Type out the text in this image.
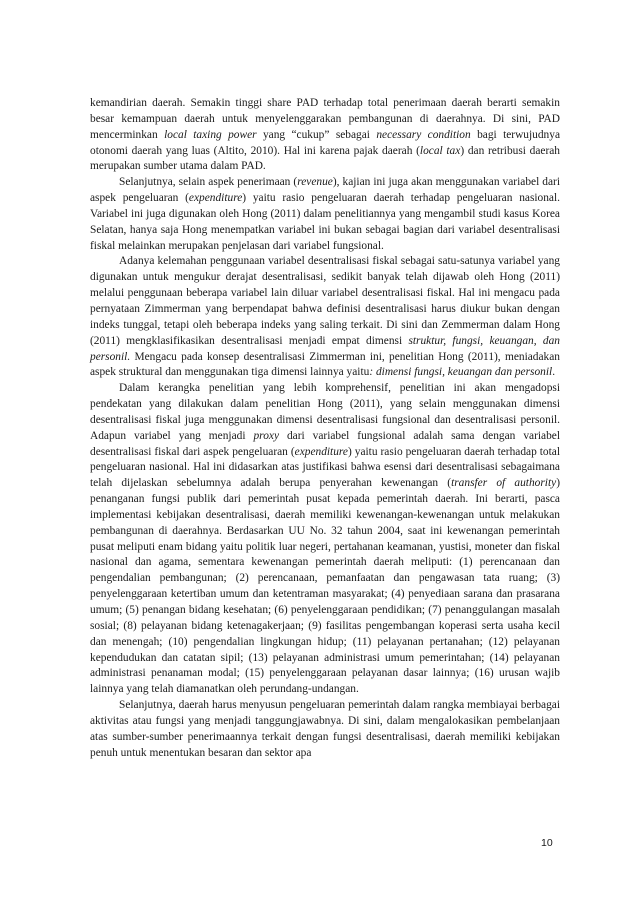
kemandirian daerah. Semakin tinggi share PAD terhadap total penerimaan daerah berarti semakin besar kemampuan daerah untuk menyelenggarakan pembangunan di daerahnya. Di sini, PAD mencerminkan local taxing power yang “cukup” sebagai necessary condition bagi terwujudnya otonomi daerah yang luas (Altito, 2010). Hal ini karena pajak daerah (local tax) dan retribusi daerah merupakan sumber utama dalam PAD.

Selanjutnya, selain aspek penerimaan (revenue), kajian ini juga akan menggunakan variabel dari aspek pengeluaran (expenditure) yaitu rasio pengeluaran daerah terhadap pengeluaran nasional. Variabel ini juga digunakan oleh Hong (2011) dalam penelitiannya yang mengambil studi kasus Korea Selatan, hanya saja Hong menempatkan variabel ini bukan sebagai bagian dari variabel desentralisasi fiskal melainkan merupakan penjelasan dari variabel fungsional.

Adanya kelemahan penggunaan variabel desentralisasi fiskal sebagai satu-satunya variabel yang digunakan untuk mengukur derajat desentralisasi, sedikit banyak telah dijawab oleh Hong (2011) melalui penggunaan beberapa variabel lain diluar variabel desentralisasi fiskal. Hal ini mengacu pada pernyataan Zimmerman yang berpendapat bahwa definisi desentralisasi harus diukur bukan dengan indeks tunggal, tetapi oleh beberapa indeks yang saling terkait. Di sini dan Zemmerman dalam Hong (2011) mengklasifikasikan desentralisasi menjadi empat dimensi struktur, fungsi, keuangan, dan personil. Mengacu pada konsep desentralisasi Zimmerman ini, penelitian Hong (2011), meniadakan aspek struktural dan menggunakan tiga dimensi lainnya yaitu: dimensi fungsi, keuangan dan personil.

Dalam kerangka penelitian yang lebih komprehensif, penelitian ini akan mengadopsi pendekatan yang dilakukan dalam penelitian Hong (2011), yang selain menggunakan dimensi desentralisasi fiskal juga menggunakan dimensi desentralisasi fungsional dan desentralisasi personil. Adapun variabel yang menjadi proxy dari variabel fungsional adalah sama dengan variabel desentralisasi fiskal dari aspek pengeluaran (expenditure) yaitu rasio pengeluaran daerah terhadap total pengeluaran nasional. Hal ini didasarkan atas justifikasi bahwa esensi dari desentralisasi sebagaimana telah dijelaskan sebelumnya adalah berupa penyerahan kewenangan (transfer of authority) penanganan fungsi publik dari pemerintah pusat kepada pemerintah daerah. Ini berarti, pasca implementasi kebijakan desentralisasi, daerah memiliki kewenangan-kewenangan untuk melakukan pembangunan di daerahnya. Berdasarkan UU No. 32 tahun 2004, saat ini kewenangan pemerintah pusat meliputi enam bidang yaitu politik luar negeri, pertahanan keamanan, yustisi, moneter dan fiskal nasional dan agama, sementara kewenangan pemerintah daerah meliputi: (1) perencanaan dan pengendalian pembangunan; (2) perencanaan, pemanfaatan dan pengawasan tata ruang; (3) penyelenggaraan ketertiban umum dan ketentraman masyarakat; (4) penyediaan sarana dan prasarana umum; (5) penangan bidang kesehatan; (6) penyelenggaraan pendidikan; (7) penanggulangan masalah sosial; (8) pelayanan bidang ketenagakerjaan; (9) fasilitas pengembangan koperasi serta usaha kecil dan menengah; (10) pengendalian lingkungan hidup; (11) pelayanan pertanahan; (12) pelayanan kependudukan dan catatan sipil; (13) pelayanan administrasi umum pemerintahan; (14) pelayanan administrasi penanaman modal; (15) penyelenggaraan pelayanan dasar lainnya; (16) urusan wajib lainnya yang telah diamanatkan oleh perundang-undangan.

Selanjutnya, daerah harus menyusun pengeluaran pemerintah dalam rangka membiayai berbagai aktivitas atau fungsi yang menjadi tanggungjawabnya. Di sini, dalam mengalokasikan pembelanjaan atas sumber-sumber penerimaannya terkait dengan fungsi desentralisasi, daerah memiliki kebijakan penuh untuk menentukan besaran dan sektor apa

10
